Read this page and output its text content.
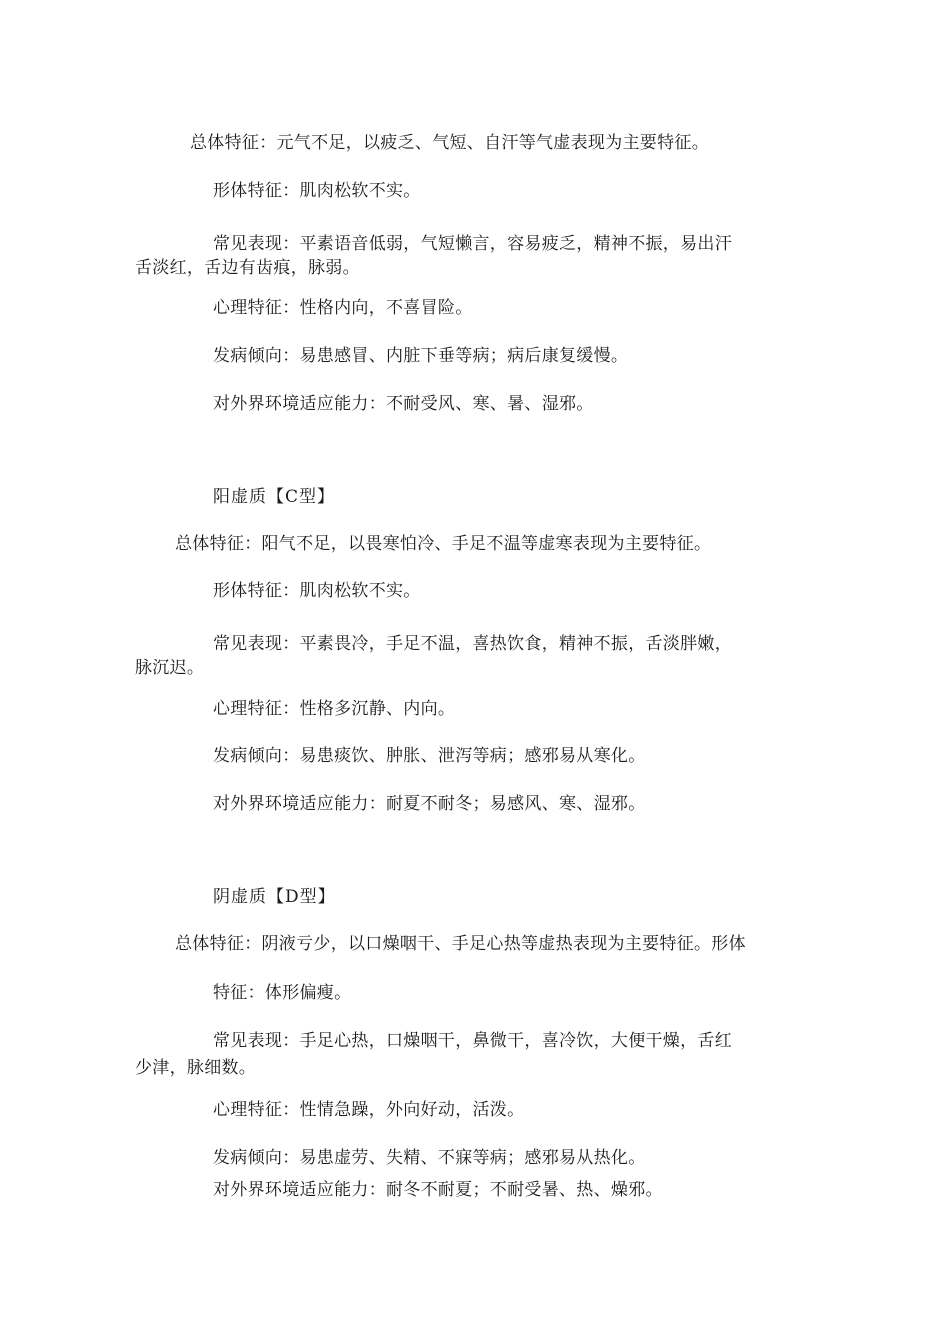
总体特征：元气不足，以疲乏、气短、自汗等气虚表现为主要特征。
形体特征：肌肉松软不实。
常见表现：平素语音低弱，气短懒言，容易疲乏，精神不振，易出汗
舌淡红，舌边有齿痕，脉弱。
心理特征：性格内向，不喜冒险。
发病倾向：易患感冒、内脏下垂等病；病后康复缓慢。
对外界环境适应能力：不耐受风、寒、暑、湿邪。
阳虚质【C型】
总体特征：阳气不足，以畏寒怕冷、手足不温等虚寒表现为主要特征。
形体特征：肌肉松软不实。
常见表现：平素畏冷，手足不温，喜热饮食，精神不振，舌淡胖嫩，
脉沉迟。
心理特征：性格多沉静、内向。
发病倾向：易患痰饮、肿胀、泄泻等病；感邪易从寒化。
对外界环境适应能力：耐夏不耐冬；易感风、寒、湿邪。
阴虚质【D型】
总体特征：阴液亏少，以口燥咽干、手足心热等虚热表现为主要特征。形体
特征：体形偏瘦。
常见表现：手足心热，口燥咽干，鼻微干，喜冷饮，大便干燥，舌红
少津，脉细数。
心理特征：性情急躁，外向好动，活泼。
发病倾向：易患虚劳、失精、不寐等病；感邪易从热化。
对外界环境适应能力：耐冬不耐夏；不耐受暑、热、燥邪。
